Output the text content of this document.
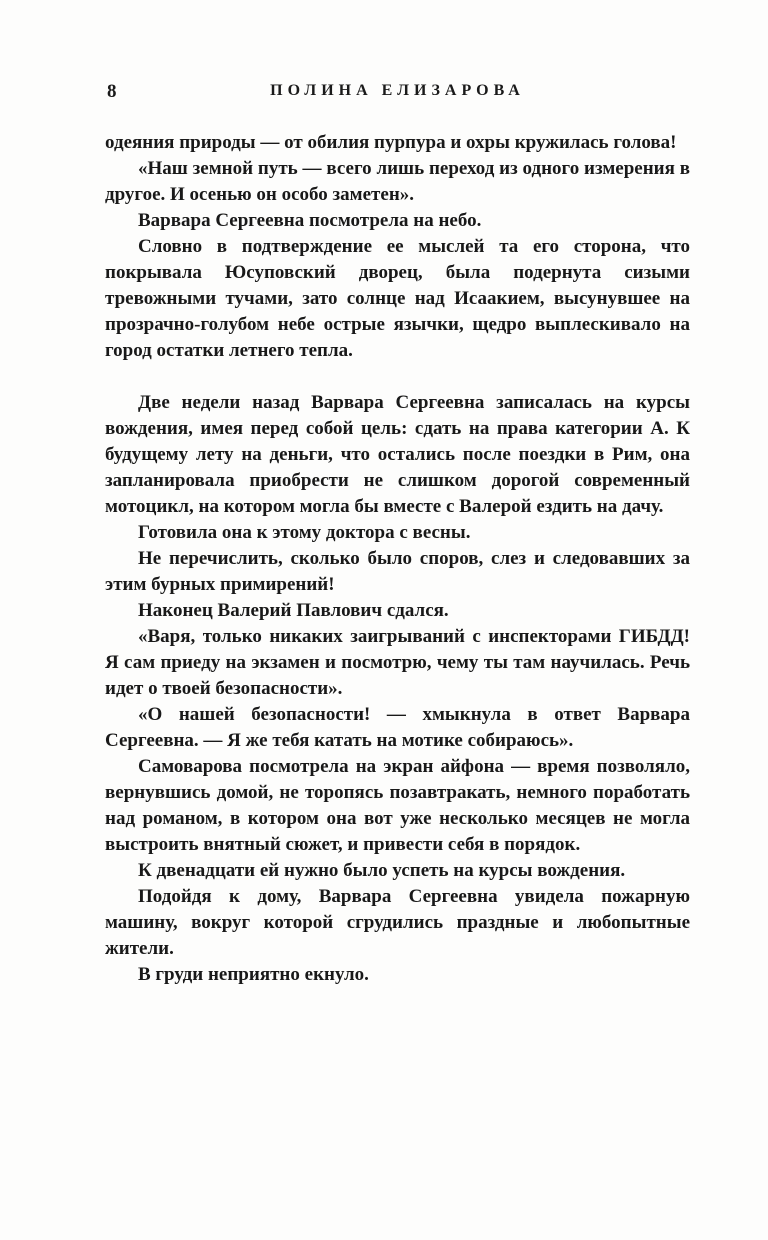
8	ПОЛИНА ЕЛИЗАРОВА

одеяния природы — от обилия пурпура и охры кружилась голова!

«Наш земной путь — всего лишь переход из одного измерения в другое. И осенью он особо заметен».

Варвара Сергеевна посмотрела на небо.

Словно в подтверждение ее мыслей та его сторона, что покрывала Юсуповский дворец, была подернута сизыми тревожными тучами, зато солнце над Исаакием, высунувшее на прозрачно-голубом небе острые язычки, щедро выплескивало на город остатки летнего тепла.

Две недели назад Варвара Сергеевна записалась на курсы вождения, имея перед собой цель: сдать на права категории А. К будущему лету на деньги, что остались после поездки в Рим, она запланировала приобрести не слишком дорогой современный мотоцикл, на котором могла бы вместе с Валерой ездить на дачу.

Готовила она к этому доктора с весны.

Не перечислить, сколько было споров, слез и следовавших за этим бурных примирений!

Наконец Валерий Павлович сдался.

«Варя, только никаких заигрываний с инспекторами ГИБДД! Я сам приеду на экзамен и посмотрю, чему ты там научилась. Речь идет о твоей безопасности».

«О нашей безопасности! — хмыкнула в ответ Варвара Сергеевна. — Я же тебя катать на мотике собираюсь».

Самоварова посмотрела на экран айфона — время позволяло, вернувшись домой, не торопясь позавтракать, немного поработать над романом, в котором она вот уже несколько месяцев не могла выстроить внятный сюжет, и привести себя в порядок.

К двенадцати ей нужно было успеть на курсы вождения.

Подойдя к дому, Варвара Сергеевна увидела пожарную машину, вокруг которой сгрудились праздные и любопытные жители.

В груди неприятно екнуло.
